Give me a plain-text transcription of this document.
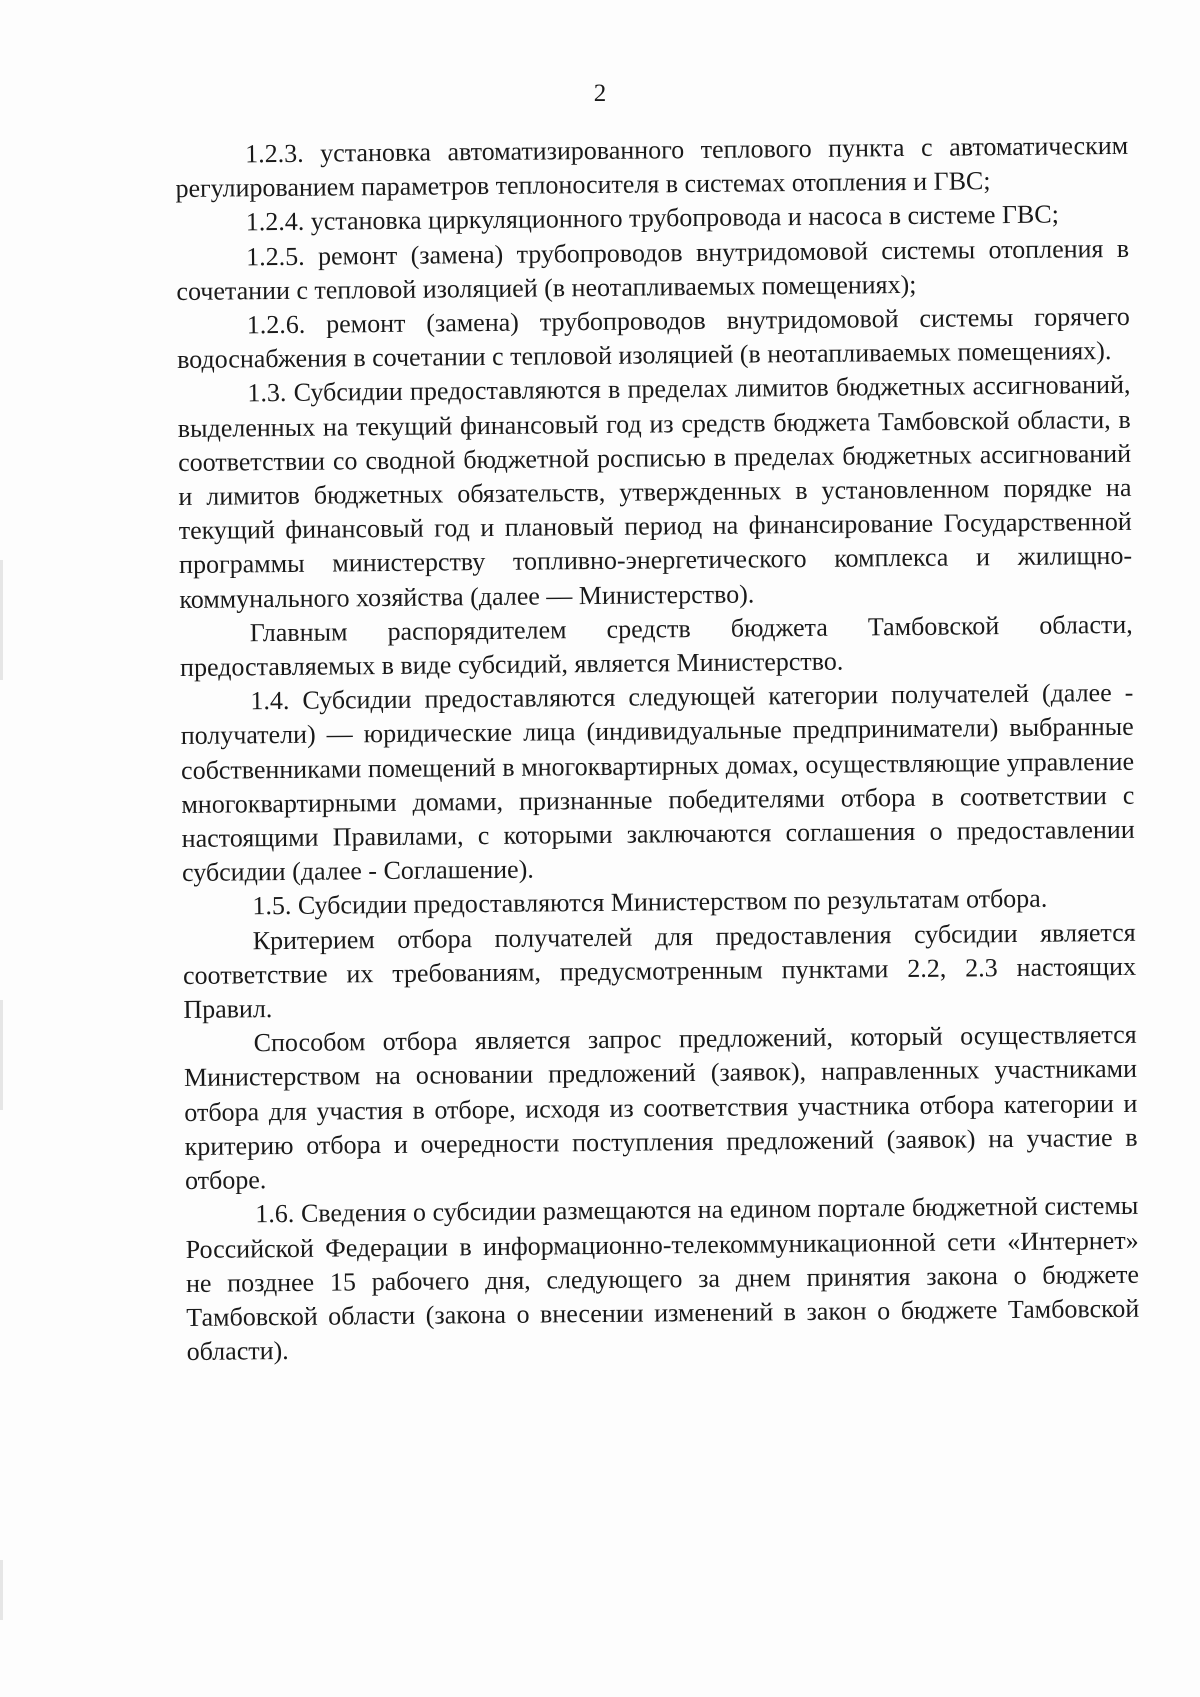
2

1.2.3. установка автоматизированного теплового пункта с автоматическим регулированием параметров теплоносителя в системах отопления и ГВС;

1.2.4. установка циркуляционного трубопровода и насоса в системе ГВС;

1.2.5. ремонт (замена) трубопроводов внутридомовой системы отопления в сочетании с тепловой изоляцией (в неотапливаемых помещениях);

1.2.6. ремонт (замена) трубопроводов внутридомовой системы горячего водоснабжения в сочетании с тепловой изоляцией (в неотапливаемых помещениях).

1.3. Субсидии предоставляются в пределах лимитов бюджетных ассигнований, выделенных на текущий финансовый год из средств бюджета Тамбовской области, в соответствии со сводной бюджетной росписью в пределах бюджетных ассигнований и лимитов бюджетных обязательств, утвержденных в установленном порядке на текущий финансовый год и плановый период на финансирование Государственной программы министерству топливно-энергетического комплекса и жилищно-коммунального хозяйства (далее — Министерство).

Главным распорядителем средств бюджета Тамбовской области, предоставляемых в виде субсидий, является Министерство.

1.4. Субсидии предоставляются следующей категории получателей (далее - получатели) — юридические лица (индивидуальные предприниматели) выбранные собственниками помещений в многоквартирных домах, осуществляющие управление многоквартирными домами, признанные победителями отбора в соответствии с настоящими Правилами, с которыми заключаются соглашения о предоставлении субсидии (далее - Соглашение).

1.5. Субсидии предоставляются Министерством по результатам отбора.

Критерием отбора получателей для предоставления субсидии является соответствие их требованиям, предусмотренным пунктами 2.2, 2.3 настоящих Правил.

Способом отбора является запрос предложений, который осуществляется Министерством на основании предложений (заявок), направленных участниками отбора для участия в отборе, исходя из соответствия участника отбора категории и критерию отбора и очередности поступления предложений (заявок) на участие в отборе.

1.6. Сведения о субсидии размещаются на едином портале бюджетной системы Российской Федерации в информационно-телекоммуникационной сети «Интернет» не позднее 15 рабочего дня, следующего за днем принятия закона о бюджете Тамбовской области (закона о внесении изменений в закон о бюджете Тамбовской области).
